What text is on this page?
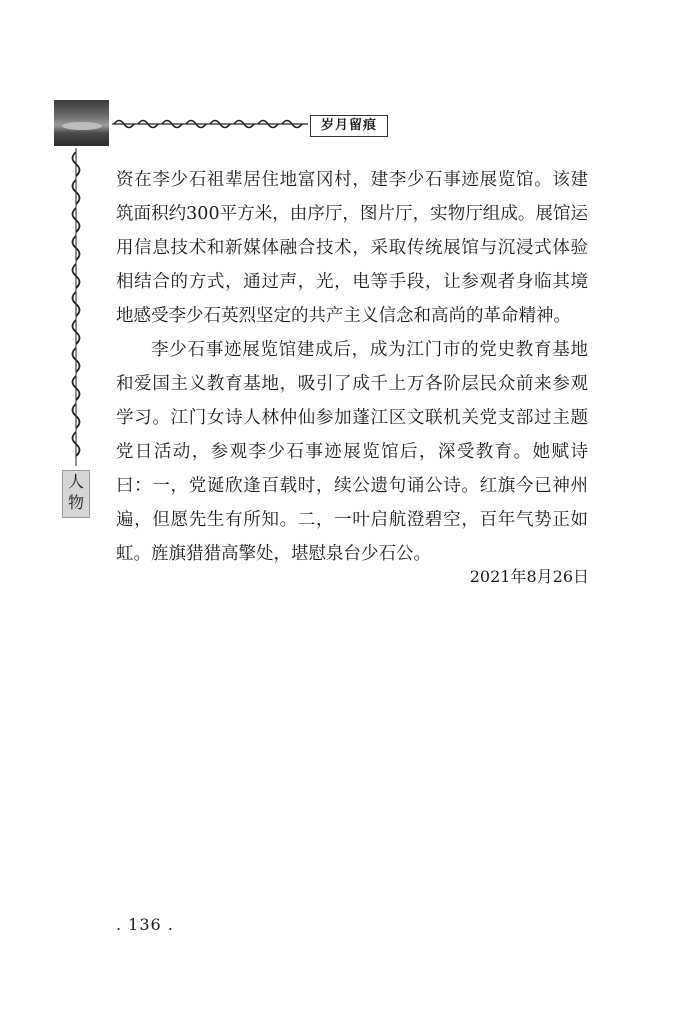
岁月留痕
人
物

资在李少石祖辈居住地富冈村，建李少石事迹展览馆。该建筑面积约300平方米，由序厅，图片厅，实物厅组成。展馆运用信息技术和新媒体融合技术，采取传统展馆与沉浸式体验相结合的方式，通过声，光，电等手段，让参观者身临其境地感受李少石英烈坚定的共产主义信念和高尚的革命精神。

李少石事迹展览馆建成后，成为江门市的党史教育基地和爱国主义教育基地，吸引了成千上万各阶层民众前来参观学习。江门女诗人林仲仙参加蓬江区文联机关党支部过主题党日活动，参观李少石事迹展览馆后，深受教育。她赋诗曰：一，党诞欣逢百载时，续公遗句诵公诗。红旗今已神州遍，但愿先生有所知。二，一叶启航澄碧空，百年气势正如虹。旌旗猎猎高擎处，堪慰泉台少石公。

2021年8月26日
. 136 .
